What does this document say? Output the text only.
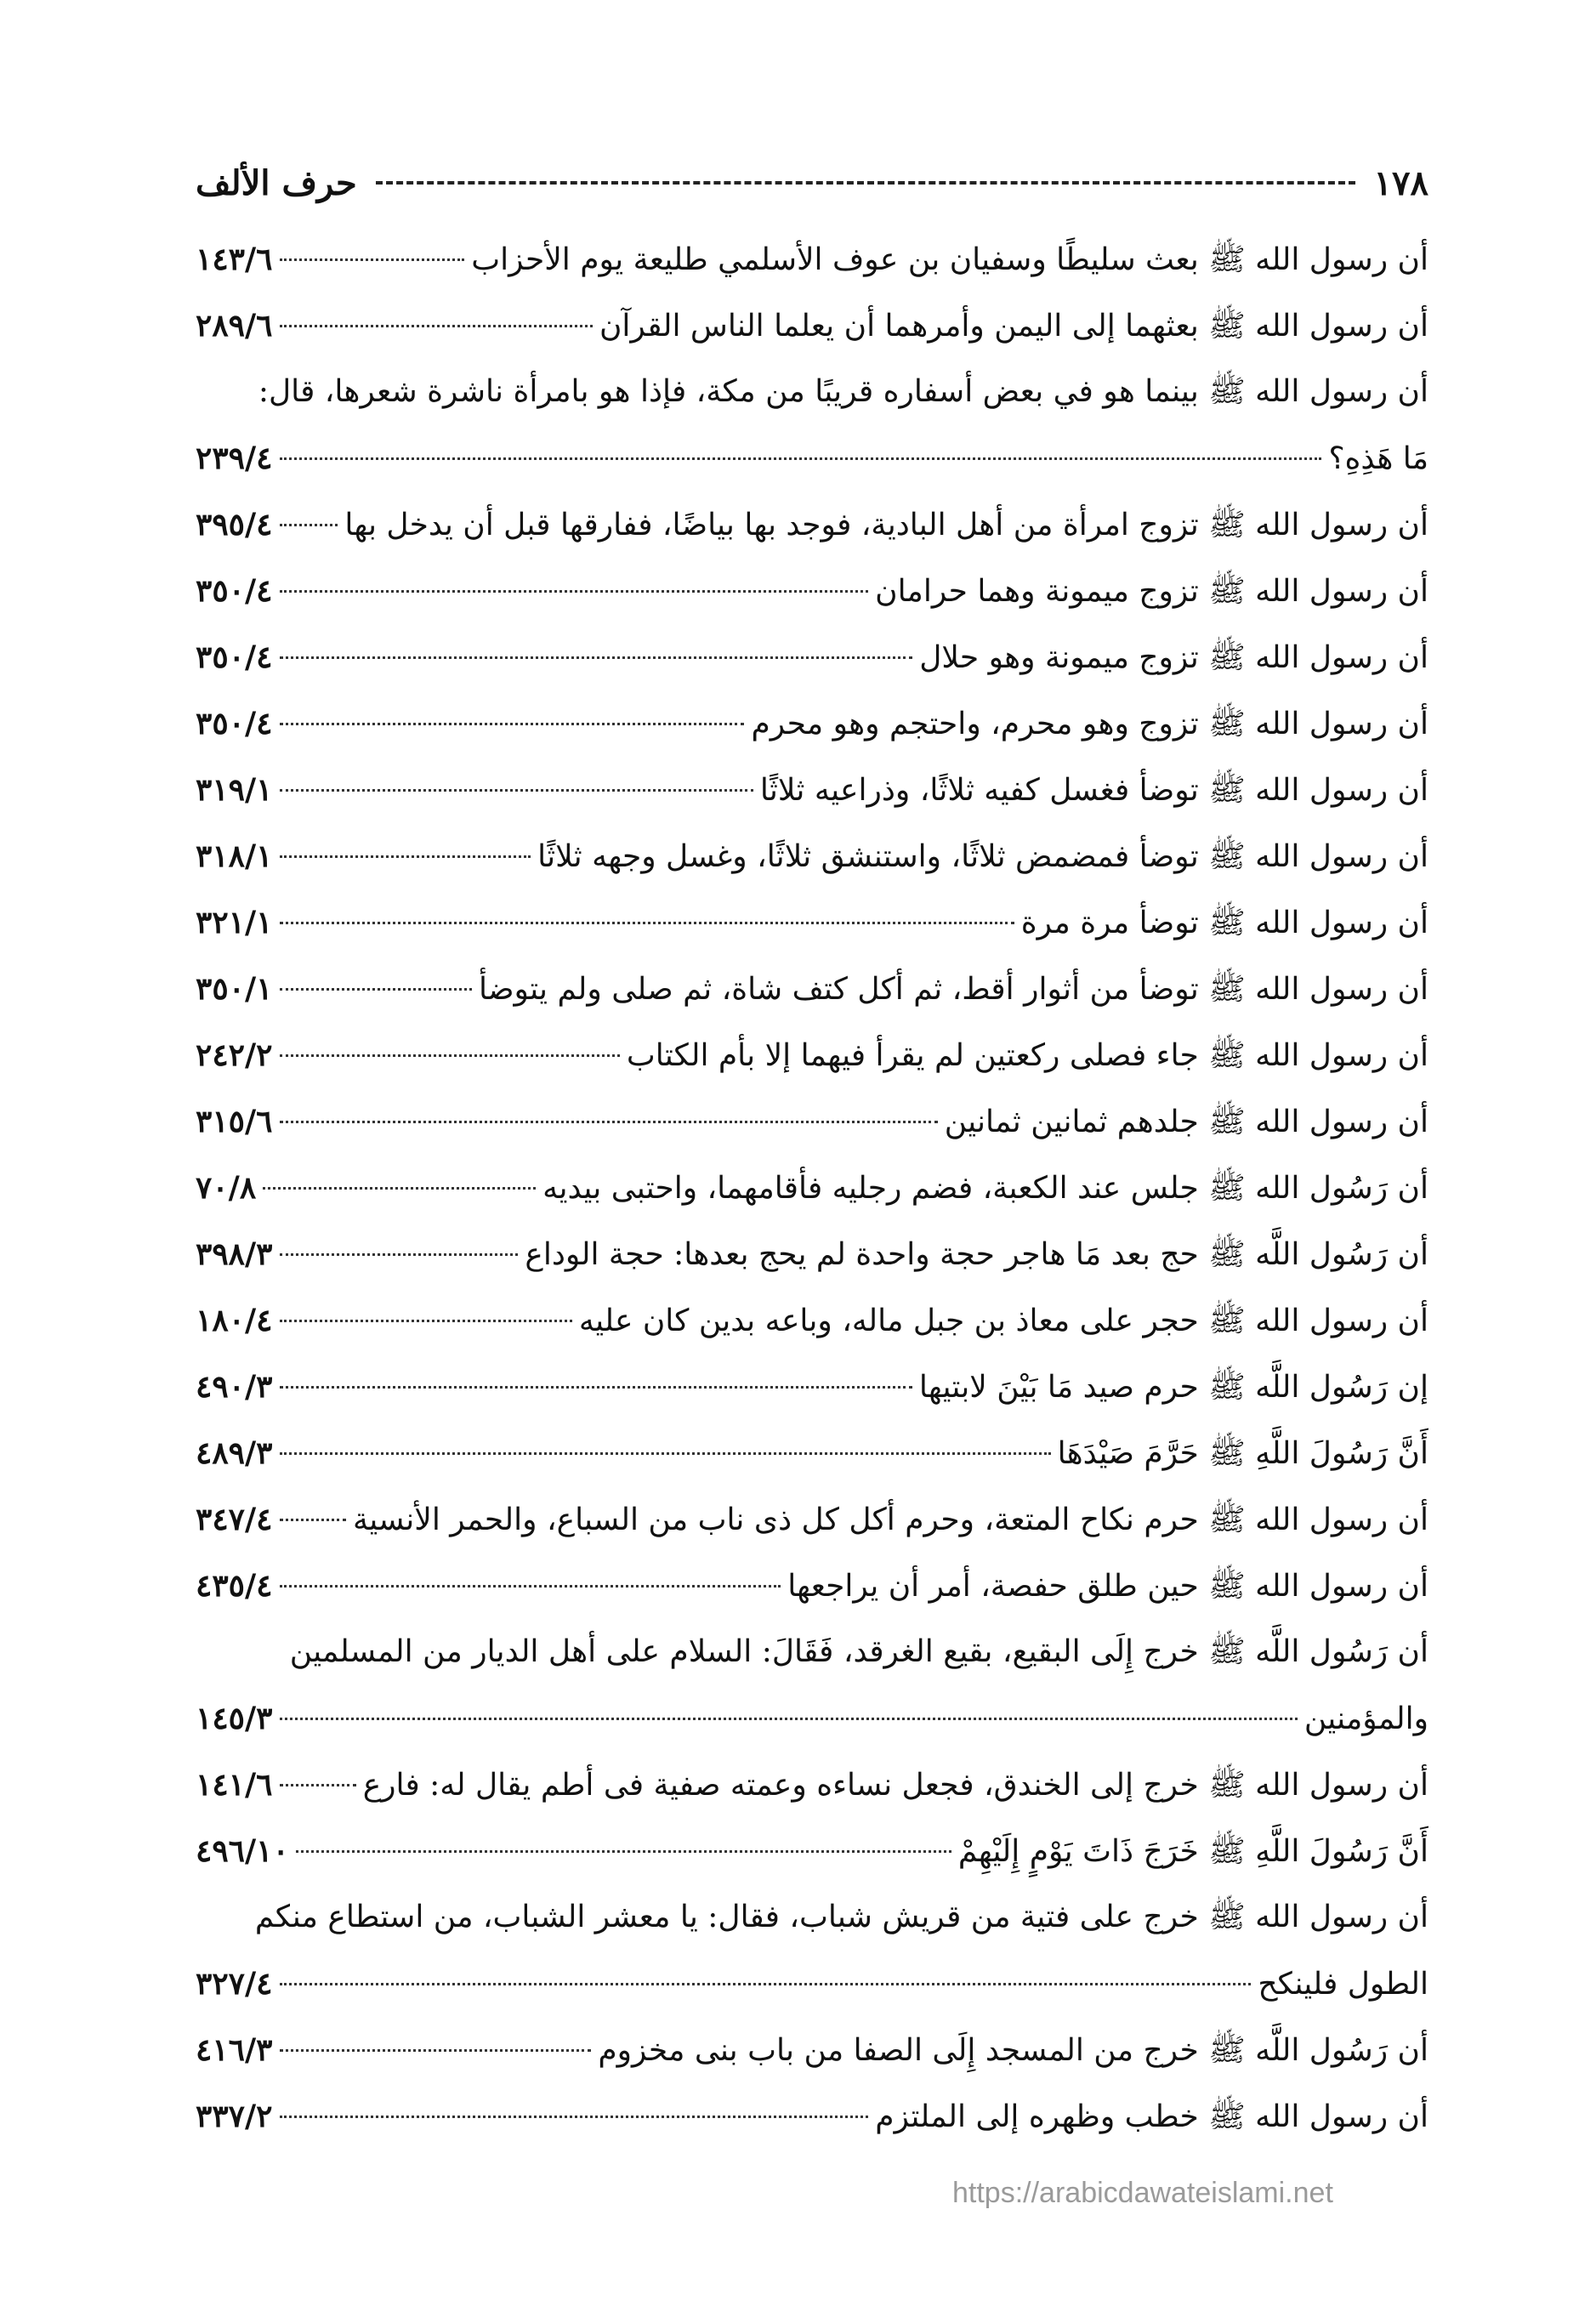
١٧٨
حرف الألف
أن رسول الله ﷺ بعث سليطًا وسفيان بن عوف الأسلمي طليعة يوم الأحزاب
١٤٣/٦
أن رسول الله ﷺ بعثهما إلى اليمن وأمرهما أن يعلما الناس القرآن
٢٨٩/٦
أن رسول الله ﷺ بينما هو في بعض أسفاره قريبًا من مكة، فإذا هو بامرأة ناشرة شعرها، قال:
مَا هَذِهِ؟
٢٣٩/٤
أن رسول الله ﷺ تزوج امرأة من أهل البادية، فوجد بها بياضًا، ففارقها قبل أن يدخل بها
٣٩٥/٤
أن رسول الله ﷺ تزوج ميمونة وهما حرامان
٣٥٠/٤
أن رسول الله ﷺ تزوج ميمونة وهو حلال
٣٥٠/٤
أن رسول الله ﷺ تزوج وهو محرم، واحتجم وهو محرم
٣٥٠/٤
أن رسول الله ﷺ توضأ فغسل كفيه ثلاثًا، وذراعيه ثلاثًا
٣١٩/١
أن رسول الله ﷺ توضأ فمضمض ثلاثًا، واستنشق ثلاثًا، وغسل وجهه ثلاثًا
٣١٨/١
أن رسول الله ﷺ توضأ مرة مرة
٣٢١/١
أن رسول الله ﷺ توضأ من أثوار أقط، ثم أكل كتف شاة، ثم صلى ولم يتوضأ
٣٥٠/١
أن رسول الله ﷺ جاء فصلى ركعتين لم يقرأ فيهما إلا بأم الكتاب
٢٤٢/٢
أن رسول الله ﷺ جلدهم ثمانين ثمانين
٣١٥/٦
أن رَسُول الله ﷺ جلس عند الكعبة، فضم رجليه فأقامهما، واحتبى بيديه
٧٠/٨
أن رَسُول اللَّه ﷺ حج بعد مَا هاجر حجة واحدة لم يحج بعدها: حجة الوداع
٣٩٨/٣
أن رسول الله ﷺ حجر على معاذ بن جبل ماله، وباعه بدين كان عليه
١٨٠/٤
إن رَسُول اللَّه ﷺ حرم صيد مَا بَيْنَ لابتيها
٤٩٠/٣
أَنَّ رَسُولَ اللَّهِ ﷺ حَرَّمَ صَيْدَهَا
٤٨٩/٣
أن رسول الله ﷺ حرم نكاح المتعة، وحرم أكل كل ذى ناب من السباع، والحمر الأنسية
٣٤٧/٤
أن رسول الله ﷺ حين طلق حفصة، أمر أن يراجعها
٤٣٥/٤
أن رَسُول اللَّه ﷺ خرج إِلَى البقيع، بقيع الغرقد، فَقَالَ: السلام على أهل الديار من المسلمين
والمؤمنين
١٤٥/٣
أن رسول الله ﷺ خرج إلى الخندق، فجعل نساءه وعمته صفية فى أطم يقال له: فارع
١٤١/٦
أَنَّ رَسُولَ اللَّهِ ﷺ خَرَجَ ذَاتَ يَوْمٍ إِلَيْهِمْ
٤٩٦/١٠
أن رسول الله ﷺ خرج على فتية من قريش شباب، فقال: يا معشر الشباب، من استطاع منكم
الطول فلينكح
٣٢٧/٤
أن رَسُول اللَّه ﷺ خرج من المسجد إِلَى الصفا من باب بنى مخزوم
٤١٦/٣
أن رسول الله ﷺ خطب وظهره إلى الملتزم
٣٣٧/٢
https://arabicdawateislami.net
